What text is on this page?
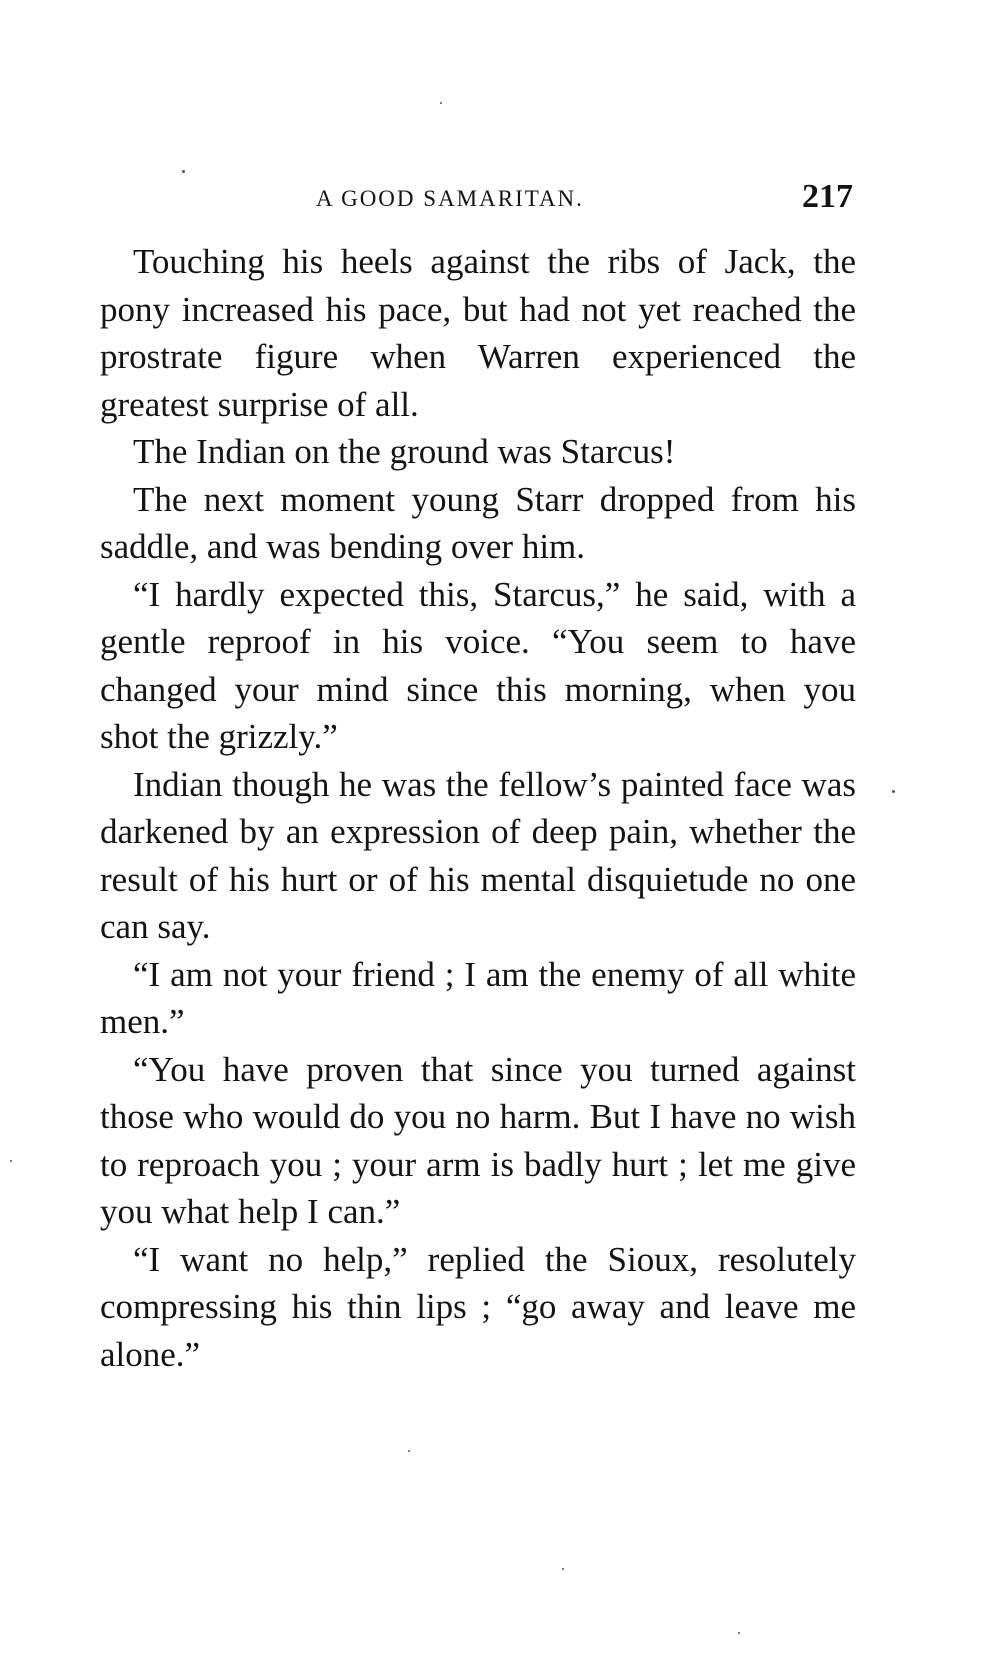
A GOOD SAMARITAN.	217

Touching his heels against the ribs of Jack, the pony increased his pace, but had not yet reached the prostrate figure when Warren experienced the greatest surprise of all.

The Indian on the ground was Starcus!

The next moment young Starr dropped from his saddle, and was bending over him.

“I hardly expected this, Starcus,” he said, with a gentle reproof in his voice. “You seem to have changed your mind since this morning, when you shot the grizzly.”

Indian though he was the fellow’s painted face was darkened by an expression of deep pain, whether the result of his hurt or of his mental disquietude no one can say.

“I am not your friend ; I am the enemy of all white men.”

“You have proven that since you turned against those who would do you no harm. But I have no wish to reproach you ; your arm is badly hurt ; let me give you what help I can.”

“I want no help,” replied the Sioux, resolutely compressing his thin lips ; “go away and leave me alone.”
